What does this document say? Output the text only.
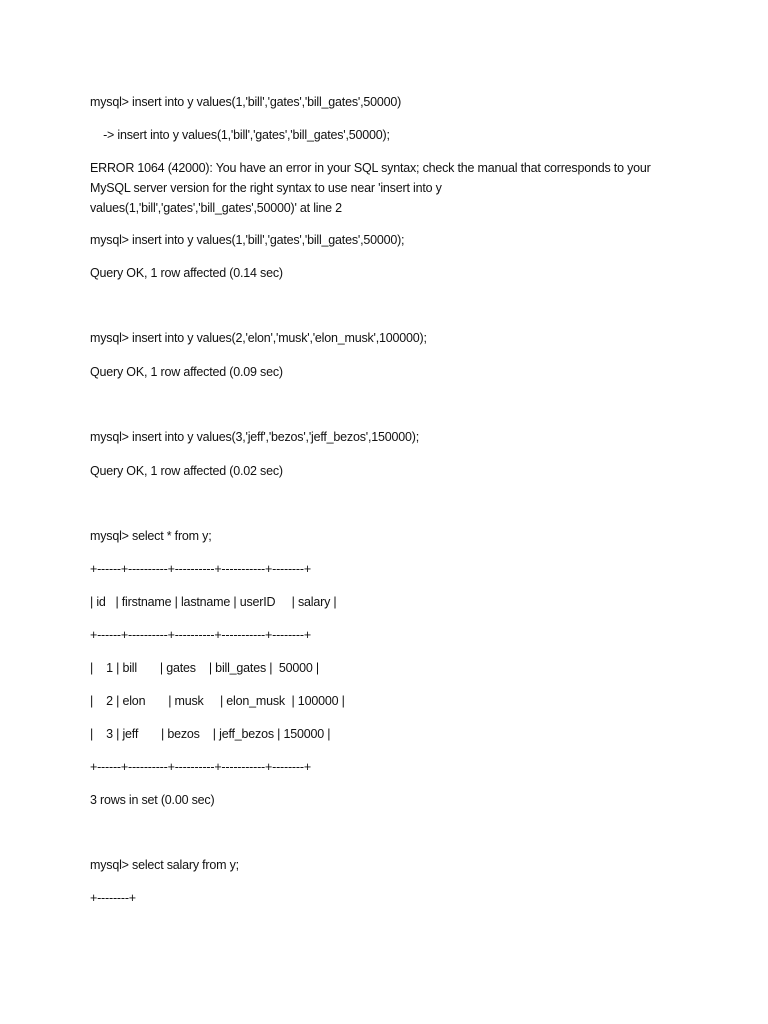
mysql> insert into y values(1,'bill','gates','bill_gates',50000)
-> insert into y values(1,'bill','gates','bill_gates',50000);
ERROR 1064 (42000): You have an error in your SQL syntax; check the manual that corresponds to your
MySQL server version for the right syntax to use near 'insert into y
values(1,'bill','gates','bill_gates',50000)' at line 2
mysql> insert into y values(1,'bill','gates','bill_gates',50000);
Query OK, 1 row affected (0.14 sec)
mysql> insert into y values(2,'elon','musk','elon_musk',100000);
Query OK, 1 row affected (0.09 sec)
mysql> insert into y values(3,'jeff','bezos','jeff_bezos',150000);
Query OK, 1 row affected (0.02 sec)
mysql> select * from y;
+------+----------+----------+-----------+--------+
| id   | firstname | lastname | userID     | salary |
+------+----------+----------+-----------+--------+
|    1 | bill       | gates    | bill_gates |  50000 |
|    2 | elon       | musk     | elon_musk  | 100000 |
|    3 | jeff       | bezos    | jeff_bezos | 150000 |
+------+----------+----------+-----------+--------+
3 rows in set (0.00 sec)
mysql> select salary from y;
+--------+
